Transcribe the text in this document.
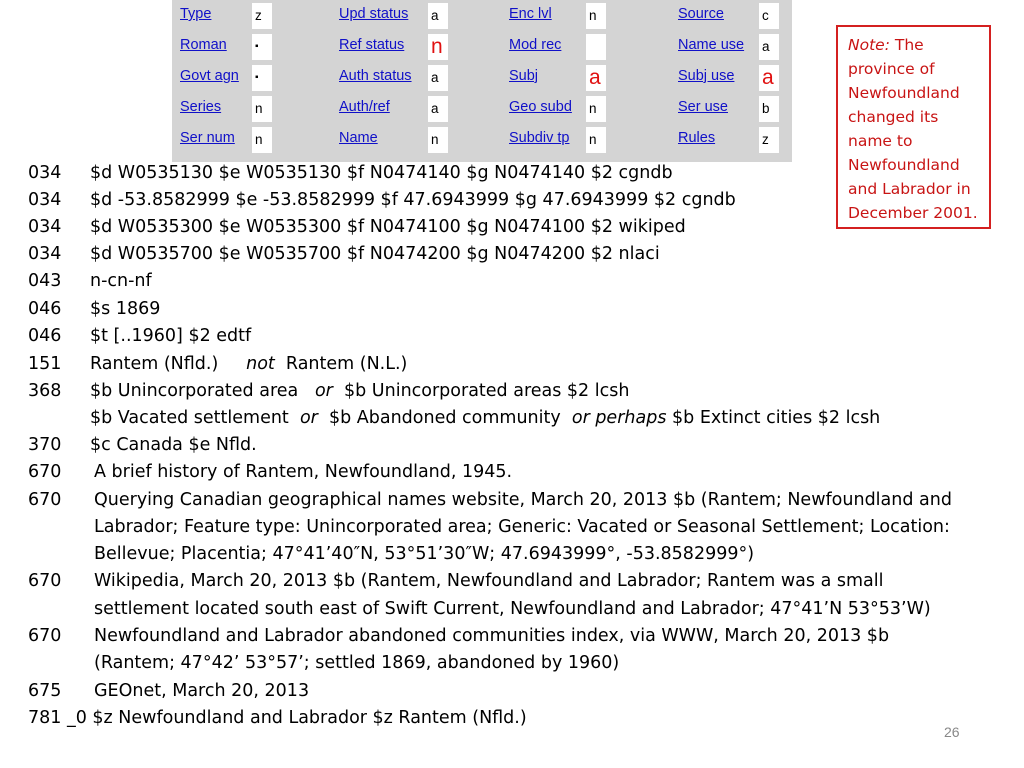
Type	z	Upd status a	Enc lvl	n	Source	c
Roman	▪	Ref status n	Mod rec	Name use a
Govt agn	▪	Auth status a	Subj a	Subj use a
Series	n	Auth/ref	a	Geo subd n	Ser use	b
Ser num n	Name	n	Subdiv tp n	Rules	z
Note: The province of Newfoundland changed its name to Newfoundland and Labrador in December 2001.
034 $d W0535130 $e W0535130 $f N0474140 $g N0474140 $2 cgndb
034 $d -53.8582999 $e -53.8582999 $f 47.6943999 $g 47.6943999 $2 cgndb
034 $d W0535300 $e W0535300 $f N0474100 $g N0474100 $2 wikiped
034 $d W0535700 $e W0535700 $f N0474200 $g N0474200 $2 nlaci
043 n-cn-nf
046 $s 1869
046 $t [..1960] $2 edtf
151 Rantem (Nfld.) not Rantem (N.L.)
368 $b Unincorporated area or $b Unincorporated areas $2 lcsh
$b Vacated settlement or $b Abandoned community or perhaps $b Extinct cities $2 lcsh
370 $c Canada $e Nfld.
670 A brief history of Rantem, Newfoundland, 1945.
670 Querying Canadian geographical names website, March 20, 2013 $b (Rantem; Newfoundland and
Labrador; Feature type: Unincorporated area; Generic: Vacated or Seasonal Settlement; Location:
Bellevue; Placentia; 47°41’40″N, 53°51’30″W; 47.6943999°, -53.8582999°)
670 Wikipedia, March 20, 2013 $b (Rantem, Newfoundland and Labrador; Rantem was a small
settlement located south east of Swift Current, Newfoundland and Labrador; 47°41’N 53°53’W)
670 Newfoundland and Labrador abandoned communities index, via WWW, March 20, 2013 $b
(Rantem; 47°42’ 53°57’; settled 1869, abandoned by 1960)
675 GEOnet, March 20, 2013
781 _0 $z Newfoundland and Labrador $z Rantem (Nfld.)
26
